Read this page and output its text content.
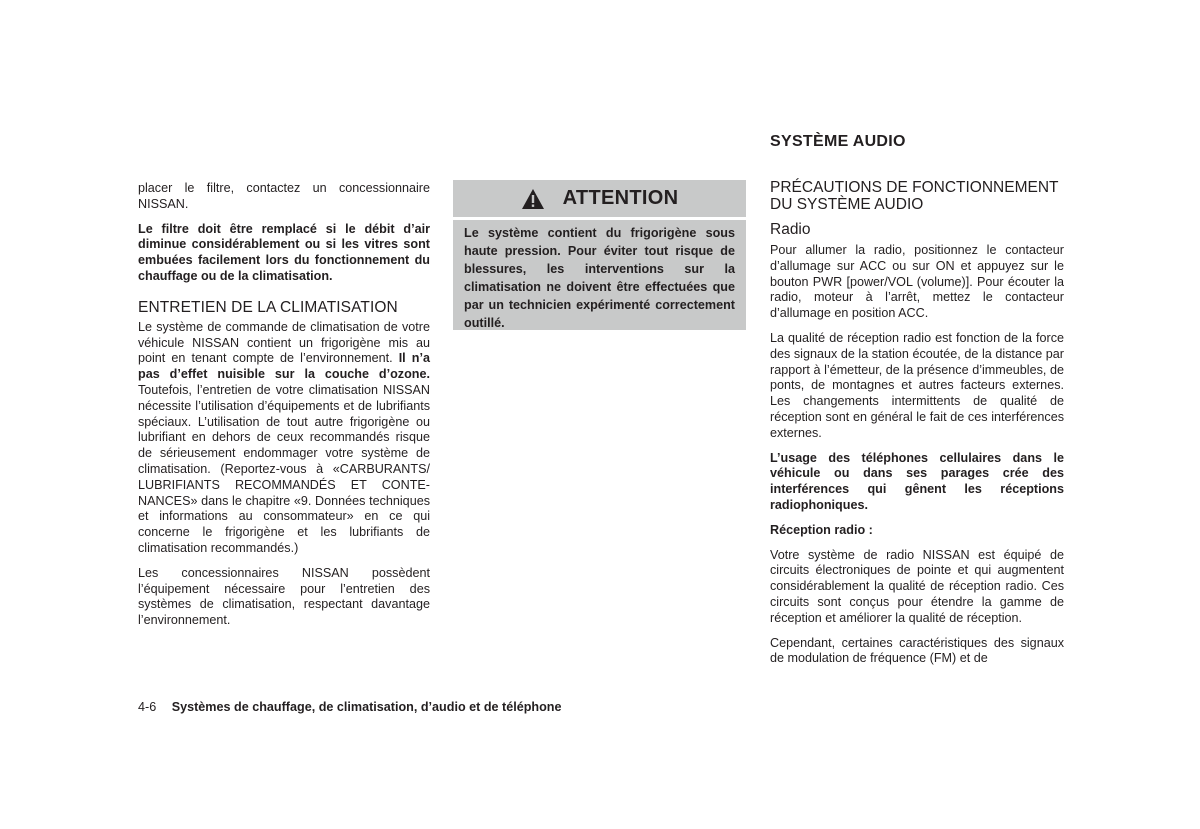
placer le filtre, contactez un concessionnaire NISSAN.

Le filtre doit être remplacé si le débit d’air diminue considérablement ou si les vitres sont embuées facilement lors du fonctionnement du chauffage ou de la climatisation.

ENTRETIEN DE LA CLIMATISATION

Le système de commande de climatisation de votre véhicule NISSAN contient un frigorigène mis au point en tenant compte de l’environnement. Il n’a pas d’effet nuisible sur la couche d’ozone. Toutefois, l’entretien de votre climatisation NISSAN nécessite l’utilisation d’équipements et de lubrifiants spéciaux. L’utilisation de tout autre frigorigène ou lubrifiant en dehors de ceux recommandés risque de sérieusement endommager votre système de climatisation. (Reportez-vous à «CARBURANTS/ LUBRIFIANTS RECOMMANDÉS ET CONTENANCES» dans le chapitre «9. Données techniques et informations au consommateur» en ce qui concerne le frigorigène et les lubrifiants de climatisation recommandés.)

Les concessionnaires NISSAN possèdent l’équipement nécessaire pour l’entretien des systèmes de climatisation, respectant davantage l’environnement.

ATTENTION
Le système contient du frigorigène sous haute pression. Pour éviter tout risque de blessures, les interventions sur la climatisation ne doivent être effectuées que par un technicien expérimenté correctement outillé.
SYSTÈME AUDIO
PRÉCAUTIONS DE FONCTIONNEMENT DU SYSTÈME AUDIO
Radio

Pour allumer la radio, positionnez le contacteur d’allumage sur ACC ou sur ON et appuyez sur le bouton PWR [power/VOL (volume)]. Pour écouter la radio, moteur à l’arrêt, mettez le contacteur d’allumage en position ACC.

La qualité de réception radio est fonction de la force des signaux de la station écoutée, de la distance par rapport à l’émetteur, de la présence d’immeubles, de ponts, de montagnes et autres facteurs externes. Les changements intermittents de qualité de réception sont en général le fait de ces interférences externes.

L’usage des téléphones cellulaires dans le véhicule ou dans ses parages crée des interférences qui gênent les réceptions radiophoniques.

Réception radio :

Votre système de radio NISSAN est équipé de circuits électroniques de pointe et qui augmentent considérablement la qualité de réception radio. Ces circuits sont conçus pour étendre la gamme de réception et améliorer la qualité de réception.

Cependant, certaines caractéristiques des signaux de modulation de fréquence (FM) et de

4-6 Systèmes de chauffage, de climatisation, d’audio et de téléphone
